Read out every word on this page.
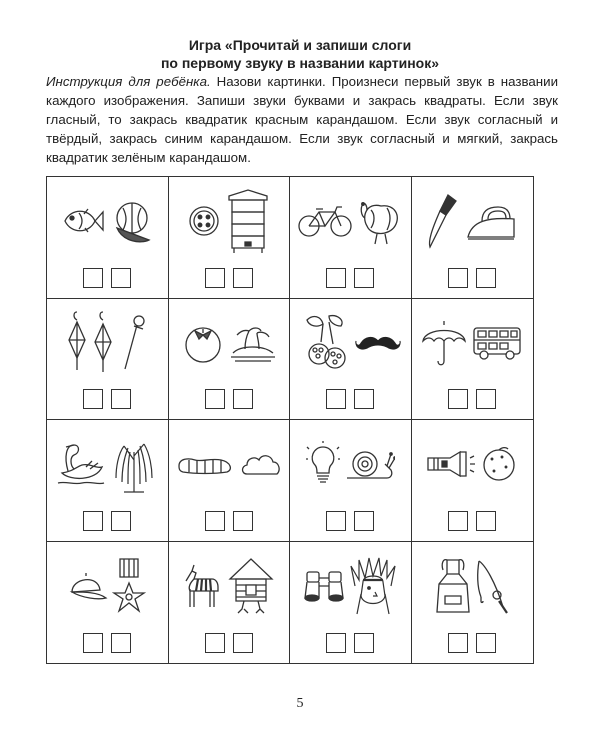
Игра «Прочитай и запиши слоги
по первому звуку в названии картинок»
Инструкция для ребёнка. Назови картинки. Произнеси первый звук в названии каждого изображения. Запиши звуки буквами и закрась квадраты. Если звук гласный, то закрась квадратик красным карандашом. Если звук согласный и твёрдый, закрась синим карандашом. Если звук согласный и мягкий, закрась квадратик зелёным карандашом.
5
